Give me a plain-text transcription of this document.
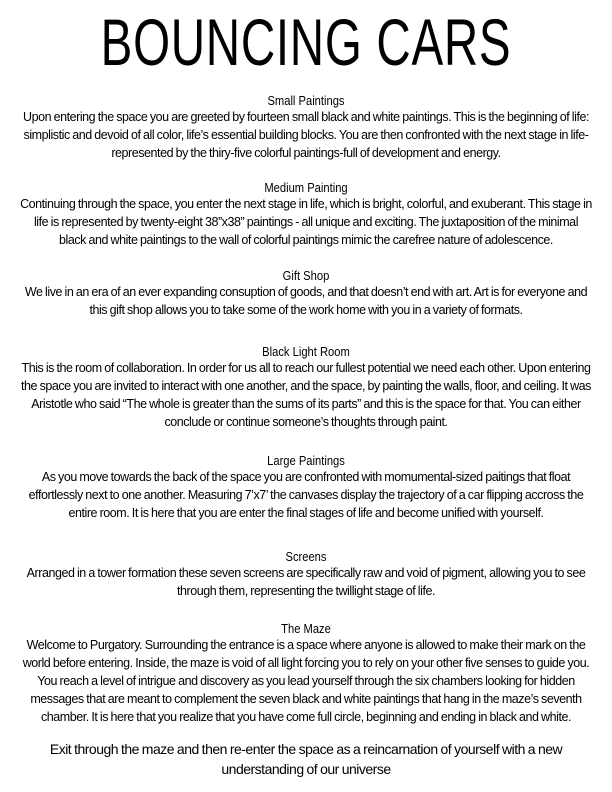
BOUNCING CARS
Small Paintings
Upon entering the space you are greeted by fourteen small black and white paintings. This is the beginning of life: simplistic and devoid of all color, life’s essential building blocks. You are then confronted with the next stage in life-represented by the thiry-five colorful paintings-full of development and energy.
Medium Painting
Continuing through the space, you enter the next stage in life, which is bright, colorful, and exuberant. This stage in life is represented by twenty-eight 38”x38” paintings - all unique and exciting. The juxtaposition of the minimal black and white paintings to the wall of colorful paintings mimic the carefree nature of adolescence.
Gift Shop
We live in an era of an ever expanding consuption of goods, and that doesn’t end with art. Art is for everyone and this gift shop allows you to take some of the work home with you in a variety of formats.
Black Light Room
This is the room of collaboration. In order for us all to reach our fullest potential we need each other. Upon entering the space you are invited to interact with one another, and the space, by painting the walls, floor, and ceiling. It was Aristotle who said “The whole is greater than the sums of its parts” and this is the space for that. You can either conclude or continue someone’s thoughts through paint.
Large Paintings
As you move towards the back of the space you are confronted with momumental-sized paitings that float effortlessly next to one another. Measuring 7’x7’ the canvases display the trajectory of a car flipping accross the entire room. It is here that you are enter the final stages of life and become unified with yourself.
Screens
Arranged in a tower formation these seven screens are specifically raw and void of pigment, allowing you to see through them, representing the twillight stage of life.
The Maze
Welcome to Purgatory. Surrounding the entrance is a space where anyone is allowed to make their mark on the world before entering. Inside, the maze is void of all light forcing you to rely on your other five senses to guide you. You reach a level of intrigue and discovery as you lead yourself through the six chambers looking for hidden messages that are meant to complement the seven black and white paintings that hang in the maze’s seventh chamber. It is here that you realize that you have come full circle, beginning and ending in black and white.
Exit through the maze and then re-enter the space as a reincarnation of yourself with a new understanding of our universe
